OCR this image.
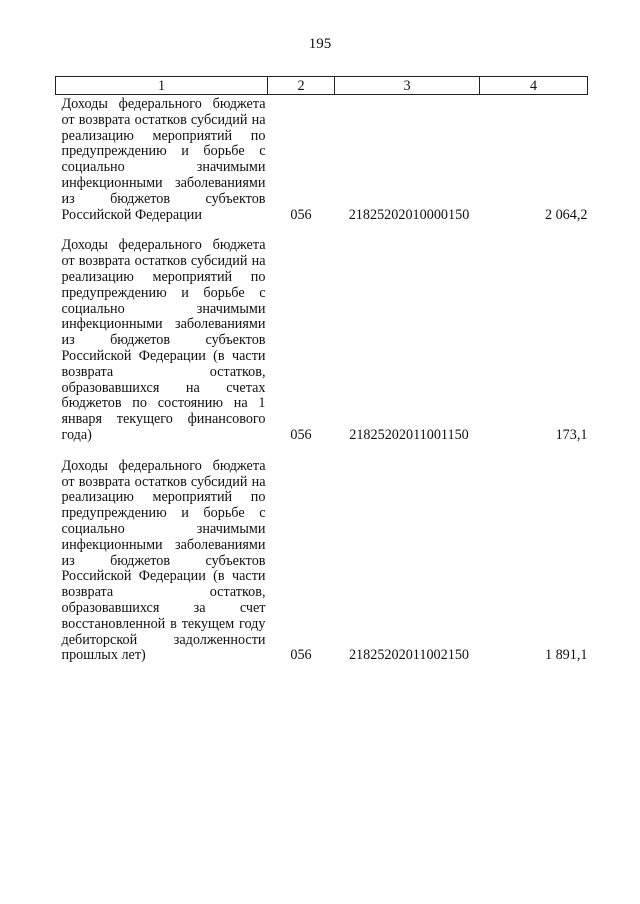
195
1	2	3	4
Доходы федерального бюджета от возврата остатков субсидий на реализацию мероприятий по предупреждению и борьбе с социально значимыми инфекционными заболеваниями из бюджетов субъектов Российской Федерации	056	21825202010000150	2 064,2
Доходы федерального бюджета от возврата остатков субсидий на реализацию мероприятий по предупреждению и борьбе с социально значимыми инфекционными заболеваниями из бюджетов субъектов Российской Федерации (в части возврата остатков, образовавшихся на счетах бюджетов по состоянию на 1 января текущего финансового года)	056	21825202011001150	173,1
Доходы федерального бюджета от возврата остатков субсидий на реализацию мероприятий по предупреждению и борьбе с социально значимыми инфекционными заболеваниями из бюджетов субъектов Российской Федерации (в части возврата остатков, образовавшихся за счет восстановленной в текущем году дебиторской задолженности прошлых лет)	056	21825202011002150	1 891,1
